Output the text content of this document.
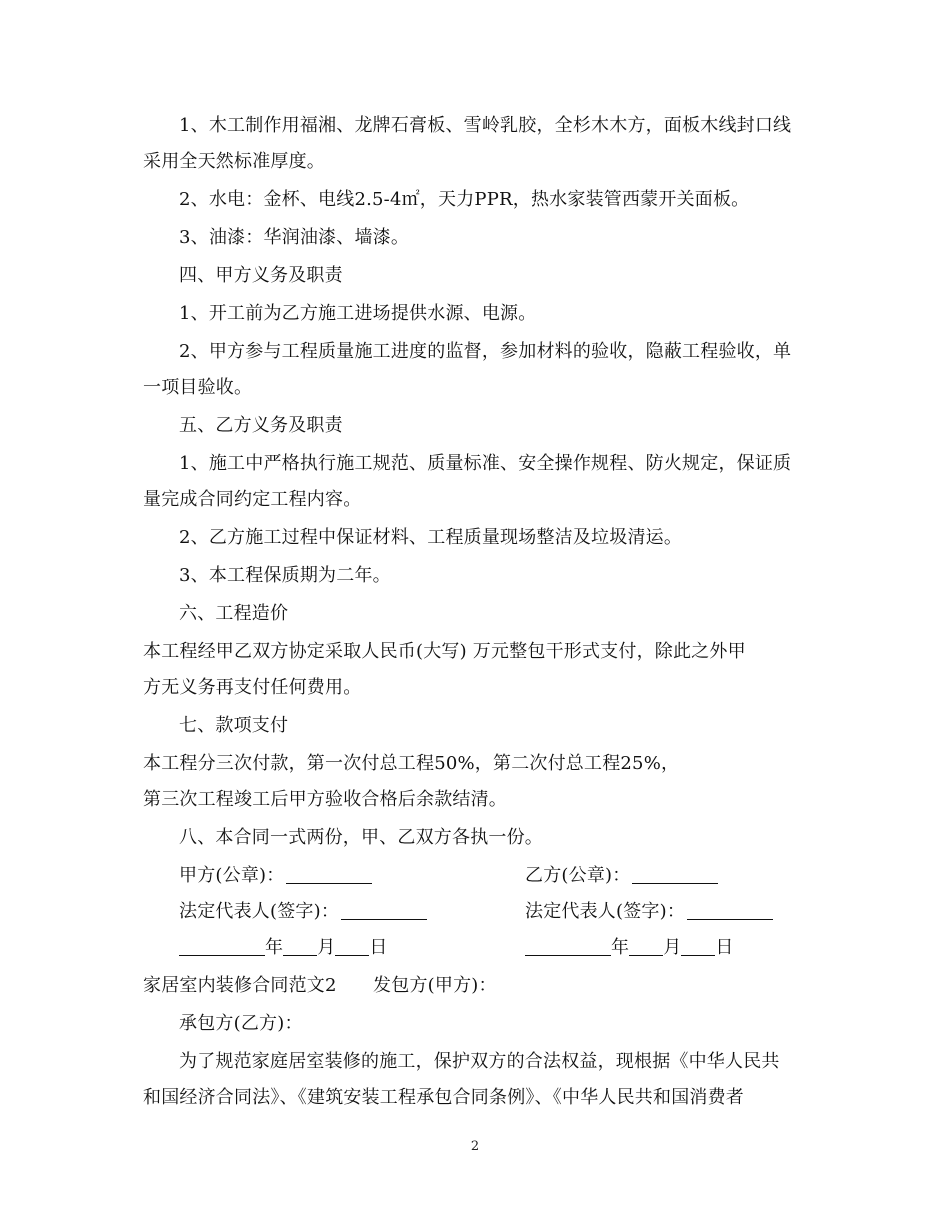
1、木工制作用福湘、龙牌石膏板、雪岭乳胶，全杉木木方，面板木线封口线
采用全天然标准厚度。
2、水电：金杯、电线2.5-4㎡，天力PPR，热水家装管西蒙开关面板。
3、油漆：华润油漆、墙漆。
四、甲方义务及职责
1、开工前为乙方施工进场提供水源、电源。
2、甲方参与工程质量施工进度的监督，参加材料的验收，隐蔽工程验收，单
一项目验收。
五、乙方义务及职责
1、施工中严格执行施工规范、质量标准、安全操作规程、防火规定，保证质
量完成合同约定工程内容。
2、乙方施工过程中保证材料、工程质量现场整洁及垃圾清运。
3、本工程保质期为二年。
六、工程造价
本工程经甲乙双方协定采取人民币(大写) 万元整包干形式支付，除此之外甲
方无义务再支付任何费用。
七、款项支付
本工程分三次付款，第一次付总工程50%，第二次付总工程25%，
第三次工程竣工后甲方验收合格后余款结清。
八、本合同一式两份，甲、乙双方各执一份。
甲方(公章)：	乙方(公章)：
法定代表人(签字)：	法定代表人(签字)：
年 月 日	年 月 日
家居室内装修合同范文2　　发包方(甲方)：
承包方(乙方)：
为了规范家庭居室装修的施工，保护双方的合法权益，现根据《中华人民共
和国经济合同法》、《建筑安装工程承包合同条例》、《中华人民共和国消费者
2
